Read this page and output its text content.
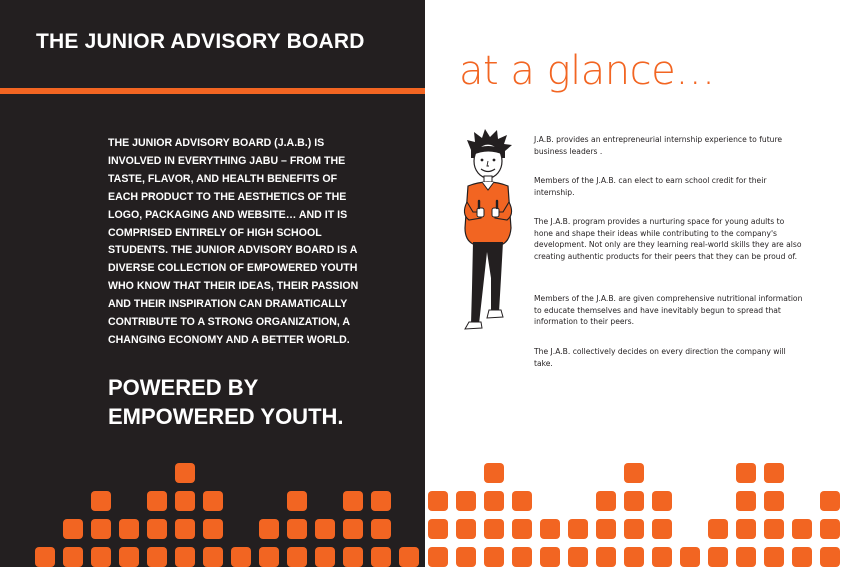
THE JUNIOR ADVISORY BOARD

THE JUNIOR ADVISORY BOARD (J.A.B.) IS INVOLVED IN EVERYTHING JABU – FROM THE TASTE, FLAVOR, AND HEALTH BENEFITS OF EACH PRODUCT TO THE AESTHETICS OF THE LOGO, PACKAGING AND WEBSITE… AND IT IS COMPRISED ENTIRELY OF HIGH SCHOOL STUDENTS. THE JUNIOR ADVISORY BOARD IS A DIVERSE COLLECTION OF EMPOWERED YOUTH WHO KNOW THAT THEIR IDEAS, THEIR PASSION AND THEIR INSPIRATION CAN DRAMATICALLY CONTRIBUTE TO A STRONG ORGANIZATION, A CHANGING ECONOMY AND A BETTER WORLD.

POWERED BY
EMPOWERED YOUTH.
at a glance…

J.A.B. provides an entrepreneurial internship experience to future business leaders .

Members of the J.A.B. can elect to earn school credit for their internship.

The J.A.B. program provides a nurturing space for young adults to hone and shape their ideas while contributing to the company's development. Not only are they learning real-world skills they are also creating authentic products for their peers that they can be proud of.

Members of the J.A.B. are given comprehensive nutritional information to educate themselves and have inevitably begun to spread that information to their peers.

The J.A.B. collectively decides on every direction the company will take.
